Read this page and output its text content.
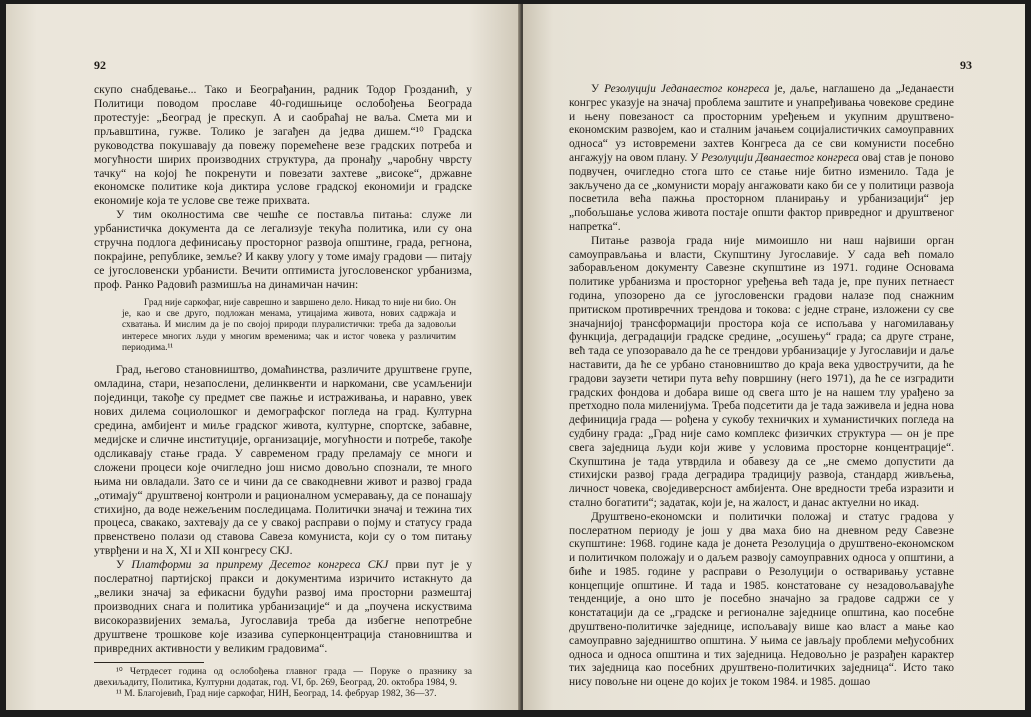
92

скупо снабдевање... Тако и Београђанин, радник Тодор Грозданић, у Политици поводом прославе 40-годишњице ослобођења Београда протестује: „Београд је прескуп. А и саобраћај не ваља. Смета ми и прљавштина, гужве. Толико је загађен да једва дишем.“¹⁰ Градска руководства покушавају да повежу поремећене везе градских потреба и могућности ширих производних структура, да пронађу „чаробну чврсту тачку“ на којој ће покренути и повезати захтеве „високе“, државне економске политике која диктира услове градској економији и градске економије која те услове све теже прихвата.

У тим околностима све чешће се поставља питања: служе ли урбанистичка документа да се легализује текућа политика, или су она стручна подлога дефинисању просторног развоја општине, града, регнона, покрајине, републике, земље? И какву улогу у томе имају градови — питају се југословенски урбанисти. Вечити оптимиста југословенског урбанизма, проф. Ранко Радовић размишља на динамичан начин:

Град није саркофаг, није саврешно и завршено дело. Никад то није ни био. Он је, као и све друго, подложан менама, утицајима живота, нових садржаја и схватања. И мислим да је по својој природи плуралистички: треба да задовољи интересе многих људи у многим временима; чак и истог човека у различитим периодима.¹¹

Град, његово становништво, домаћинства, различите друштвене групе, омладина, стари, незапослени, делинквенти и наркомани, све усамљенији појединци, такође су предмет све пажње и истраживања, и наравно, увек нових дилема социолошког и демографског погледа на град. Културна средина, амбијент и миље градског живота, културне, спортске, забавне, медијске и сличне институције, организације, могућности и потребе, такође одсликавају стање града. У савременом граду преламају се многи и сложени процеси које очигледно још нисмо довољно спознали, те много њима ни овладали. Зато се и чини да се свакодневни живот и развој града „отимају“ друштвеној контроли и рационалном усмеравању, да се понашају стихијно, да воде нежељеним последицама. Политички значај и тежина тих процеса, свакако, захтевају да се у свакој расправи о појму и статусу града првенствено полази од ставова Савеза комуниста, који су о том питању утврђени и на X, XI и XII конгресу СКЈ.

У Платформи за припрему Десетог конгреса СКЈ први пут је у послератној партијској пракси и документима изричито истакнуто да „велики значај за ефикасни будући развој има просторни размештај производних снага и политика урбанизације“ и да „поучена искуствима високоразвијених земаља, Југославија треба да избегне непотребне друштвене трошкове које изазива суперконцентрација становништва и привредних активности у великим градовима“.

¹⁰ Четрдесет година од ослобођења главног града — Поруке о празнику за двехиљадиту, Политика, Културни додатак, год. VI, бр. 269, Београд, 20. октобра 1984, 9.

¹¹ М. Благојевић, Град није саркофаг, НИН, Београд, 14. фебруар 1982, 36—37.

93

У Резолуцији Једанаестог конгреса је, даље, наглашено да „Једанаести конгрес указује на значај проблема заштите и унапређивања човекове средине и њену повезаност са просторним уређењем и укупним друштвено-економским развојем, као и сталним јачањем социјалистичких самоуправних односа“ уз истовремени захтев Конгреса да се сви комунисти посебно ангажују на овом плану. У Резолуцији Дванаестог конгреса овај став је поново подвучен, очигледно стога што се стање није битно изменило. Тада је закључено да се „комунисти морају ангажовати како би се у политици развоја посветила већа пажња просторном планирању и урбанизацији“ јер „побољшање услова живота постаје општи фактор привредног и друштвеног напретка“.

Питање развоја града није мимоишло ни наш највиши орган самоуправљања и власти, Скупштину Југославије. У сада већ помало заборављеном документу Савезне скупштине из 1971. године Основама политике урбанизма и просторног уређења већ тада је, пре пуних петнаест година, упозорено да се југословенски градови налазе под снажним притиском противречних трендова и токова: с једне стране, изложени су све значајнијој трансформацији простора која се испољава у нагомилавању функција, деградацији градске средине, „осушењу“ града; са друге стране, већ тада се упозоравало да ће се трендови урбанизације у Југославији и даље наставити, да ће се урбано становништво до краја века удвостручити, да ће градови заузети четири пута већу површину (него 1971), да ће се изградити градских фондова и добара више од свега што је на нашем тлу урађено за претходно пола миленијума. Треба подсетити да је тада заживела и једна нова дефиниција града — рођена у сукобу техничких и хуманистичких погледа на судбину града: „Град није само комплекс физичких структура — он је пре свега заједница људи који живе у условима просторне концентрације“. Скупштина је тада утврдила и обавезу да се „не смемо допустити да стихијски развој града деградира традицију развоја, стандард живљења, личност човека, своједиверсност амбијента. Оне вредности треба изразити и стално богатити“; задатак, који је, на жалост, и данас актуелни но икад.

Друштвено-економски и политички положај и статус градова у послератном периоду је још у два маха био на дневном реду Савезне скупштине: 1968. године када је донета Резолуција о друштвено-економском и политичком положају и о даљем развоју самоуправних односа у општини, а биће и 1985. године у расправи о Резолуцији о остваривању уставне концепције општине. И тада и 1985. констатоване су незадовољавајуће тенденције, а оно што је посебно значајно за градове садржи се у констатацији да се „градске и регионалне заједнице општина, као посебне друштвено-политичке заједнице, испољавају више као власт а мање као самоуправно заједништво општина. У њима се јављају проблеми међусобних односа и односа општина и тих заједница. Недовољно је разрађен карактер тих заједница као посебних друштвено-политичких заједница“. Исто тако нису повољне ни оцене до којих је током 1984. и 1985. дошао
